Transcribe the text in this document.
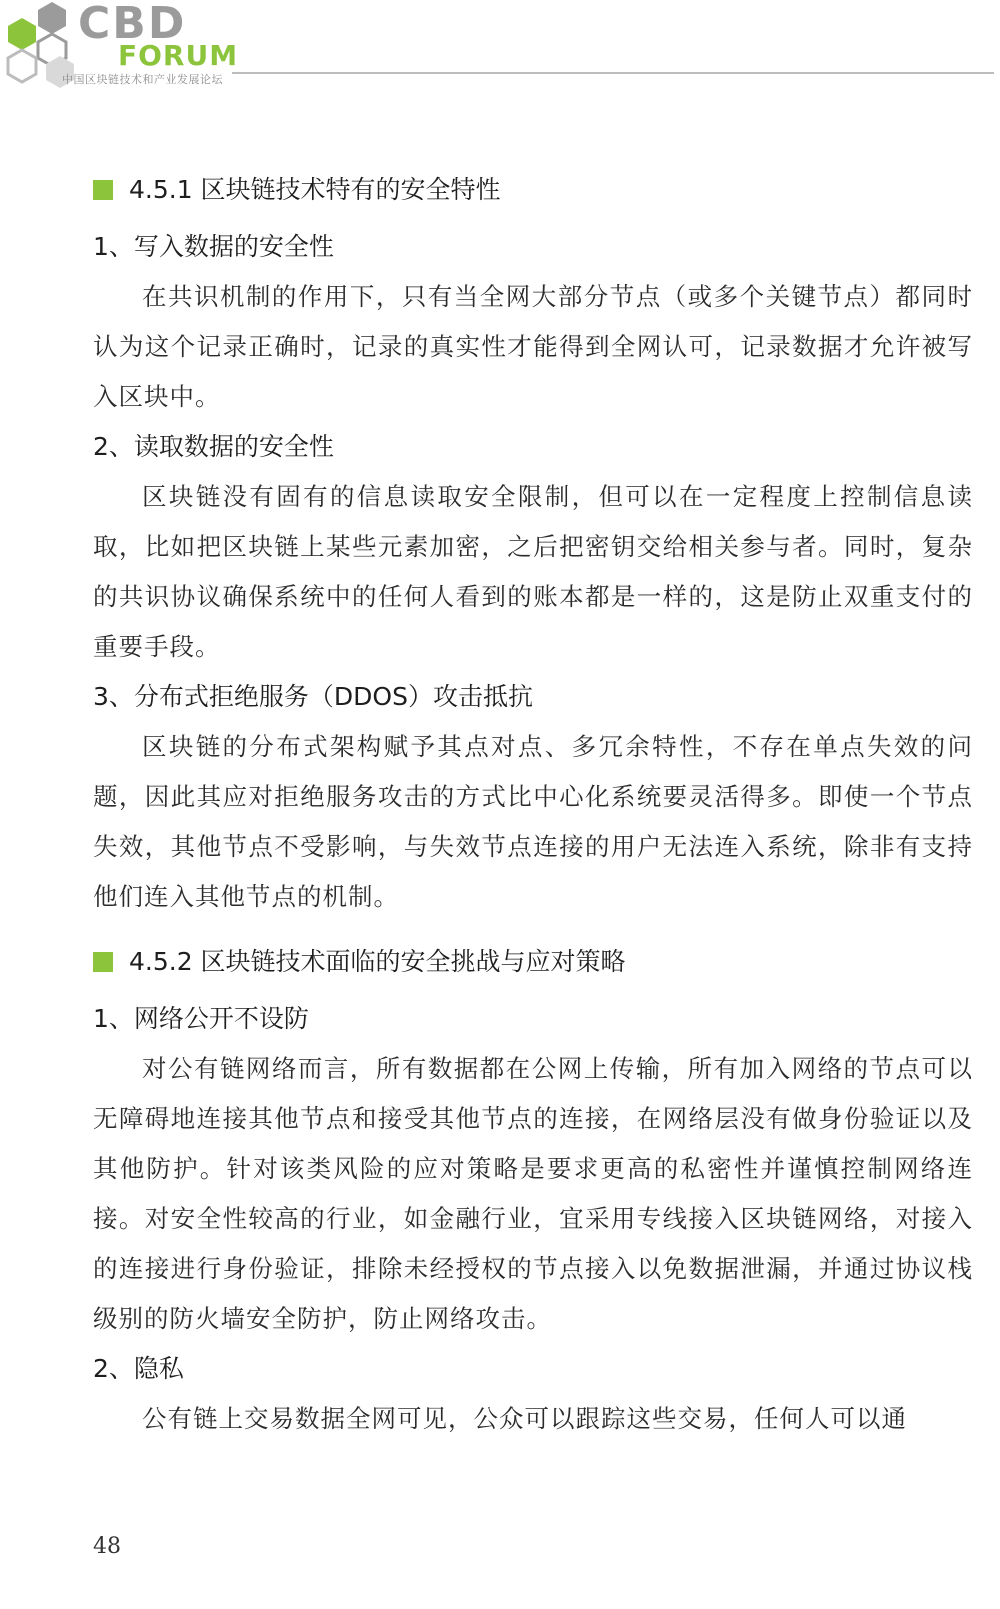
CBD
FORUM
中国区块链技术和产业发展论坛
4.5.1 区块链技术特有的安全特性
1、写入数据的安全性

在共识机制的作用下，只有当全网大部分节点（或多个关键节点）都同时认为这个记录正确时，记录的真实性才能得到全网认可，记录数据才允许被写入区块中。

2、读取数据的安全性

区块链没有固有的信息读取安全限制，但可以在一定程度上控制信息读取，比如把区块链上某些元素加密，之后把密钥交给相关参与者。同时，复杂的共识协议确保系统中的任何人看到的账本都是一样的，这是防止双重支付的重要手段。

3、分布式拒绝服务（DDOS）攻击抵抗

区块链的分布式架构赋予其点对点、多冗余特性，不存在单点失效的问题，因此其应对拒绝服务攻击的方式比中心化系统要灵活得多。即使一个节点失效，其他节点不受影响，与失效节点连接的用户无法连入系统，除非有支持他们连入其他节点的机制。

4.5.2 区块链技术面临的安全挑战与应对策略
1、网络公开不设防

对公有链网络而言，所有数据都在公网上传输，所有加入网络的节点可以无障碍地连接其他节点和接受其他节点的连接，在网络层没有做身份验证以及其他防护。针对该类风险的应对策略是要求更高的私密性并谨慎控制网络连接。对安全性较高的行业，如金融行业，宜采用专线接入区块链网络，对接入的连接进行身份验证，排除未经授权的节点接入以免数据泄漏，并通过协议栈级别的防火墙安全防护，防止网络攻击。

2、隐私

公有链上交易数据全网可见，公众可以跟踪这些交易，任何人可以通

48
